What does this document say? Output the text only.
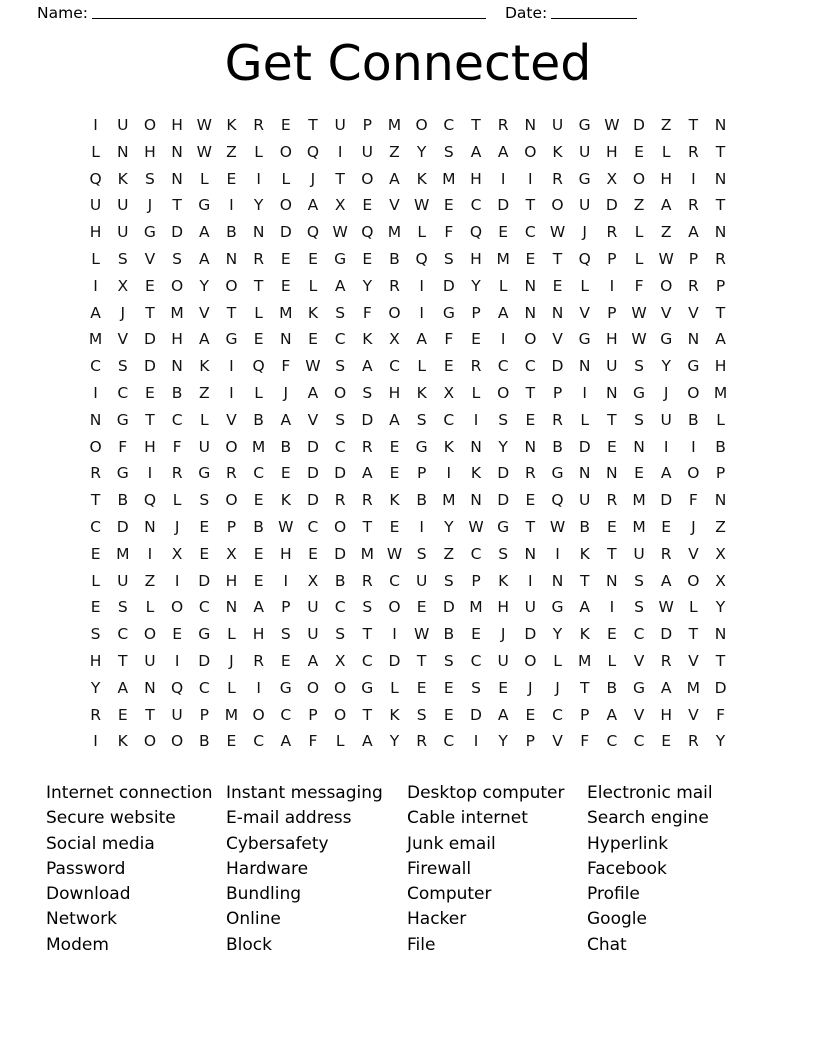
Name:	Date:
Get Connected
I	U O H W K	R	E	T	U	P	M O	C	T	R	N	U G W D	Z	T	N
L	N	H	N W Z	L	O Q	I	U	Z	Y	S	A	A	O	K	U	H	E	L	R	T
Q	K	S	N	L	E	I	L	J	T	O	A	K M H	I	I	R	G	X	O H	I	N
U	U	J	T	G	I	Y	O	A	X	E	V W E	C	D	T	O U	D	Z	A	R	T
H	U G D	A	B	N D Q W Q M	L	F	Q	E	C W	J	R	L	Z	A	N
L	S	V	S	A	N	R	E	E	G	E	B	Q	S	H M	E	T	Q	P	L W P	R
I	X	E	O	Y	O	T	E	L	A	Y	R	I	D	Y	L	N	E	L	I	F	O	R	P
A	J	T	M V	T	L	M K	S	F	O	I	G	P	A	N	N	V	P W V	V	T
M V	D H	A	G	E	N	E	C	K	X	A	F	E	I	O	V	G H W G N	A
C	S	D N	K	I	Q	F W S	A	C	L	E	R	C	C	D N	U	S	Y	G H
I	C	E	B	Z	I	L	J	A	O	S	H	K	X	L	O	T	P	I	N G	J	O M
N G	T	C	L	V	B	A	V	S	D	A	S	C	I	S	E	R	L	T	S	U	B	L
O	F	H	F	U O M B	D	C	R	E	G	K	N	Y	N	B	D	E	N	I	I	B
R	G	I	R	G	R	C	E	D D	A	E	P	I	K	D	R	G N	N	E	A	O	P
T	B	Q	L	S	O	E	K	D	R	R	K	B M N D	E	Q U	R M D	F	N
C	D N	J	E	P	B W C	O	T	E	I	Y W G	T W B	E	M	E	J	Z
E	M	I	X	E	X	E	H	E	D M W S	Z	C	S	N	I	K	T	U	R	V	X
L	U	Z	I	D H	E	I	X	B	R	C	U	S	P	K	I	N	T	N	S	A	O	X
E	S	L	O	C	N	A	P	U	C	S	O	E	D M H	U G	A	I	S W L	Y
S	C	O	E	G	L	H	S	U	S	T	I	W B	E	J	D	Y	K	E	C	D	T	N
H	T	U	I	D	J	R	E	A	X	C	D	T	S	C	U O	L	M	L	V	R	V	T
Y	A	N Q	C	L	I	G O O G	L	E	E	S	E	J	J	T	B	G	A M D
R	E	T	U	P	M O	C	P	O	T	K	S	E	D	A	E	C	P	A	V	H	V	F
I	K	O O	B	E	C	A	F	L	A	Y	R	C	I	Y	P	V	F	C	C	E	R	Y
Internet connection
Secure website
Social media
Password
Download
Network
Modem
Instant messaging
E-mail address
Cybersafety
Hardware
Bundling
Online
Block
Desktop computer
Cable internet
Junk email
Firewall
Computer
Hacker
File
Electronic mail
Search engine
Hyperlink
Facebook
Profile
Google
Chat
